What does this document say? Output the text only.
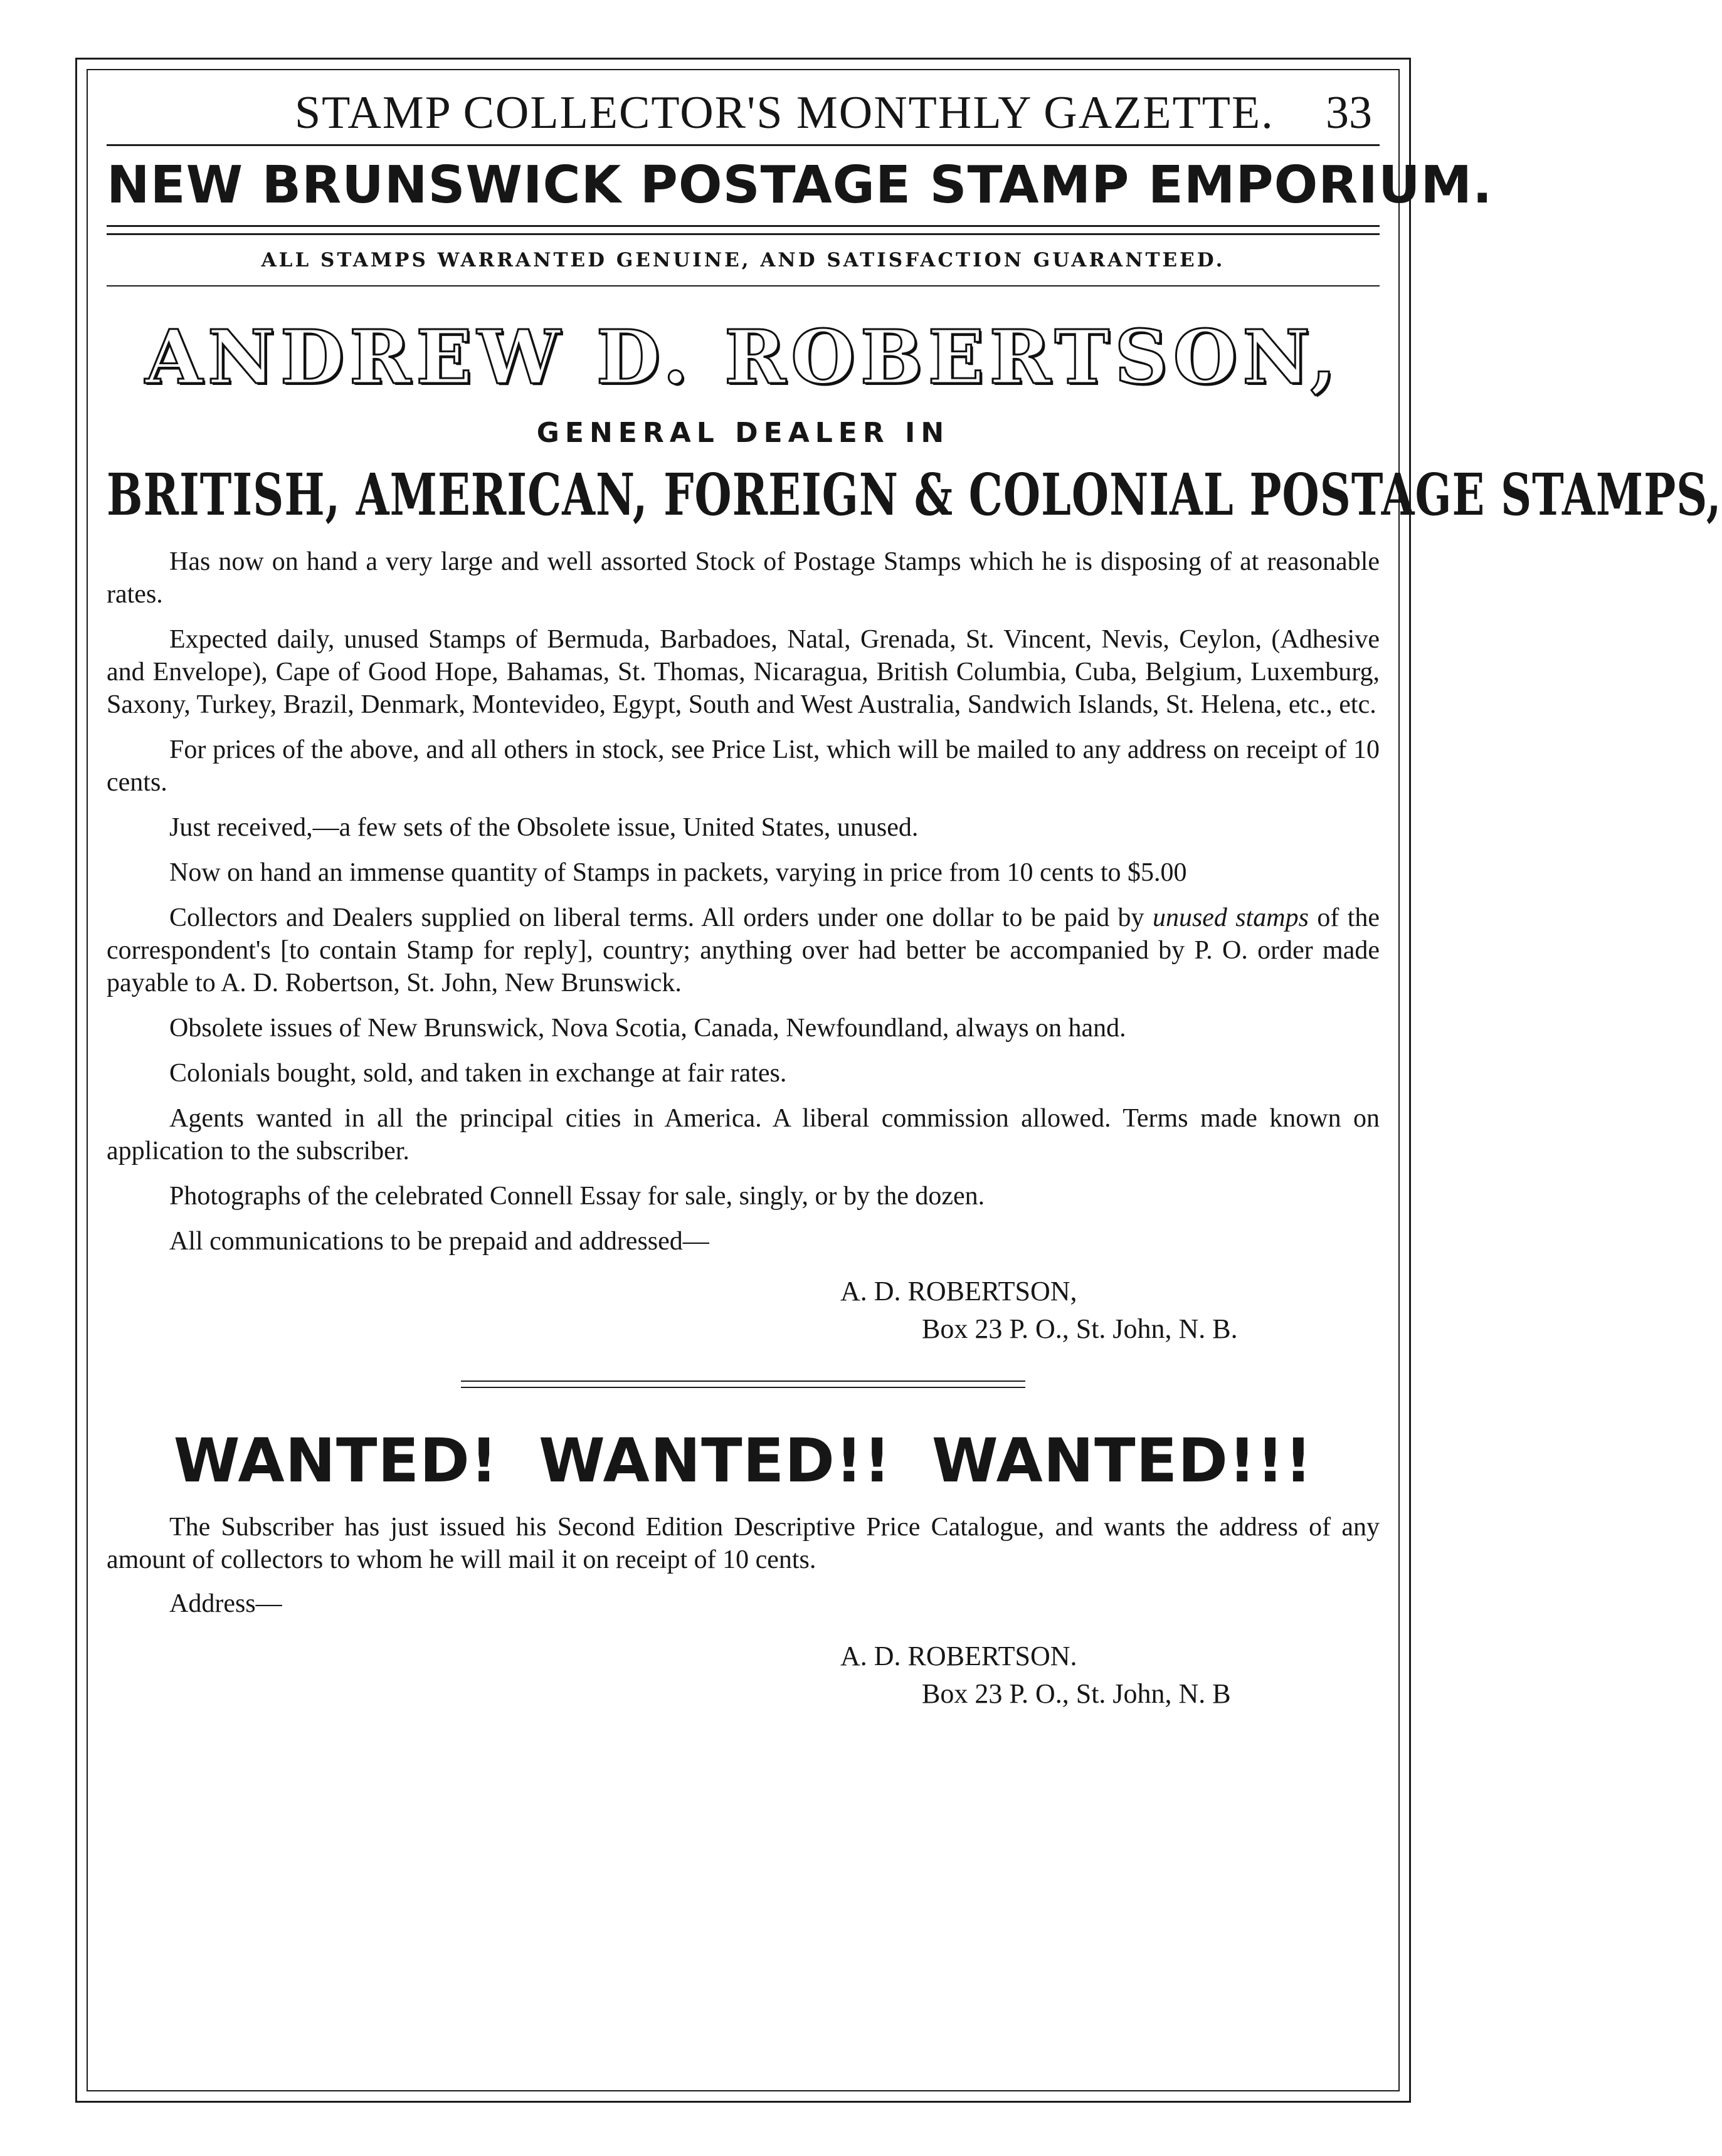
STAMP COLLECTOR'S MONTHLY GAZETTE. 33
NEW BRUNSWICK POSTAGE STAMP EMPORIUM.
ALL STAMPS WARRANTED GENUINE, AND SATISFACTION GUARANTEED.
ANDREW D. ROBERTSON,
GENERAL DEALER IN
BRITISH, AMERICAN, FOREIGN & COLONIAL POSTAGE STAMPS,

Has now on hand a very large and well assorted Stock of Postage Stamps which he is disposing of at reasonable rates.

Expected daily, unused Stamps of Bermuda, Barbadoes, Natal, Grenada, St. Vincent, Nevis, Ceylon, (Adhesive and Envelope), Cape of Good Hope, Bahamas, St. Thomas, Nicaragua, British Columbia, Cuba, Belgium, Luxemburg, Saxony, Turkey, Brazil, Denmark, Montevideo, Egypt, South and West Australia, Sandwich Islands, St. Helena, etc., etc.

For prices of the above, and all others in stock, see Price List, which will be mailed to any address on receipt of 10 cents.

Just received,—a few sets of the Obsolete issue, United States, unused.

Now on hand an immense quantity of Stamps in packets, varying in price from 10 cents to $5.00

Collectors and Dealers supplied on liberal terms. All orders under one dollar to be paid by unused stamps of the correspondent's [to contain Stamp for reply], country; anything over had better be accompanied by P. O. order made payable to A. D. Robertson, St. John, New Brunswick.

Obsolete issues of New Brunswick, Nova Scotia, Canada, Newfoundland, always on hand.

Colonials bought, sold, and taken in exchange at fair rates.

Agents wanted in all the principal cities in America. A liberal commission allowed. Terms made known on application to the subscriber.

Photographs of the celebrated Connell Essay for sale, singly, or by the dozen.

All communications to be prepaid and addressed—

A. D. ROBERTSON,
Box 23 P. O., St. John, N. B.
WANTED! WANTED!! WANTED!!!

The Subscriber has just issued his Second Edition Descriptive Price Catalogue, and wants the address of any amount of collectors to whom he will mail it on receipt of 10 cents.

Address—
A. D. ROBERTSON.
Box 23 P. O., St. John, N. B
